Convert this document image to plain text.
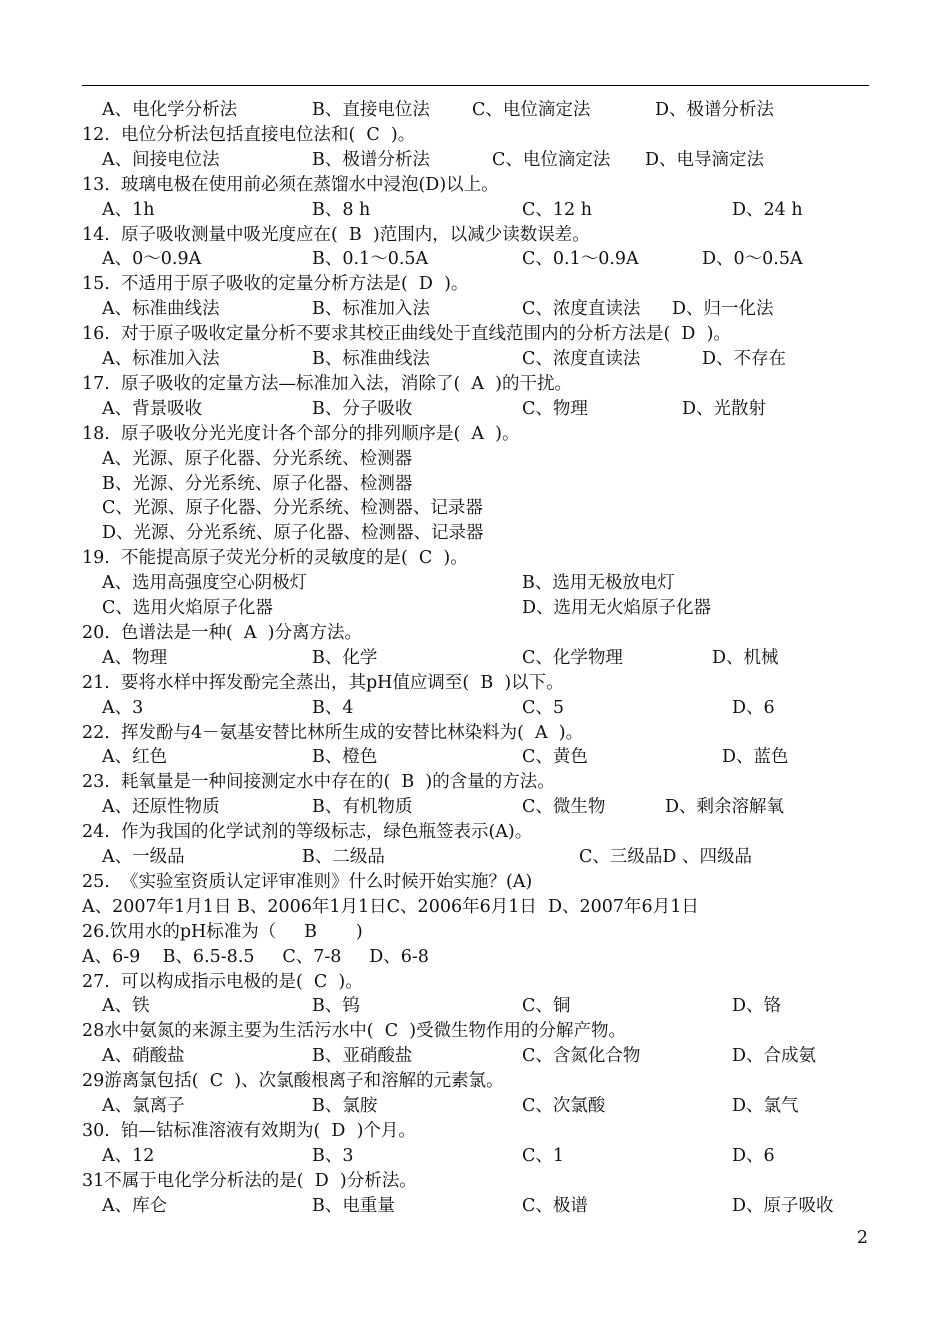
A、电化学分析法	B、直接电位法 C、电位滴定法	D、极谱分析法
12.  电位分析法包括直接电位法和(  C  )。
A、间接电位法	B、极谱分析法	C、电位滴定法 D、电导滴定法
13.  玻璃电极在使用前必须在蒸馏水中浸泡(D)以上。
A、1h	B、8 h	C、12 h	D、24 h
14.  原子吸收测量中吸光度应在(  B  )范围内，以减少读数误差。
A、0～0.9A	B、0.1～0.5A	C、0.1～0.9A	D、0～0.5A
15.  不适用于原子吸收的定量分析方法是(  D  )。
A、标准曲线法	B、标准加入法	C、浓度直读法 D、归一化法
16.  对于原子吸收定量分析不要求其校正曲线处于直线范围内的分析方法是(  D  )。
A、标准加入法	B、标准曲线法	C、浓度直读法	D、不存在
17.  原子吸收的定量方法—标准加入法，消除了(  A  )的干扰。
A、背景吸收	B、分子吸收	C、物理	D、光散射
18.  原子吸收分光光度计各个部分的排列顺序是(  A  )。
A、光源、原子化器、分光系统、检测器
B、光源、分光系统、原子化器、检测器
C、光源、原子化器、分光系统、检测器、记录器
D、光源、分光系统、原子化器、检测器、记录器
19.  不能提高原子荧光分析的灵敏度的是(  C  )。
A、选用高强度空心阴极灯	B、选用无极放电灯
C、选用火焰原子化器	D、选用无火焰原子化器
20.  色谱法是一种(  A  )分离方法。
A、物理	B、化学	C、化学物理	D、机械
21.  要将水样中挥发酚完全蒸出，其pH值应调至(  B  )以下。
A、3	B、4	C、5	D、6
22.  挥发酚与4－氨基安替比林所生成的安替比林染料为(  A  )。
A、红色	B、橙色	C、黄色	D、蓝色
23.  耗氧量是一种间接测定水中存在的(  B  )的含量的方法。
A、还原性物质	B、有机物质	C、微生物	D、剩余溶解氧
24.  作为我国的化学试剂的等级标志，绿色瓶签表示(A)。
A、一级品	B、二级品	C、三级品D 、四级品
25.  《实验室资质认定评审准则》什么时候开始实施？(A)
A、2007年1月1日 B、2006年1月1日C、2006年6月1日  D、2007年6月1日
26.饮用水的pH标准为（     B       )
A、6-9    B、6.5-8.5     C、7-8     D、6-8
27.  可以构成指示电极的是(  C  )。
A、铁	B、钨	C、铜	D、铬
28水中氨氮的来源主要为生活污水中(  C  )受微生物作用的分解产物。
A、硝酸盐	B、亚硝酸盐	C、含氮化合物	D、合成氨
29游离氯包括(  C  )、次氯酸根离子和溶解的元素氯。
A、氯离子	B、氯胺	C、次氯酸	D、氯气
30.  铂—钴标准溶液有效期为(  D  )个月。
A、12	B、3	C、1	D、6
31不属于电化学分析法的是(  D  )分析法。
A、库仑	B、电重量	C、极谱	D、原子吸收
2
